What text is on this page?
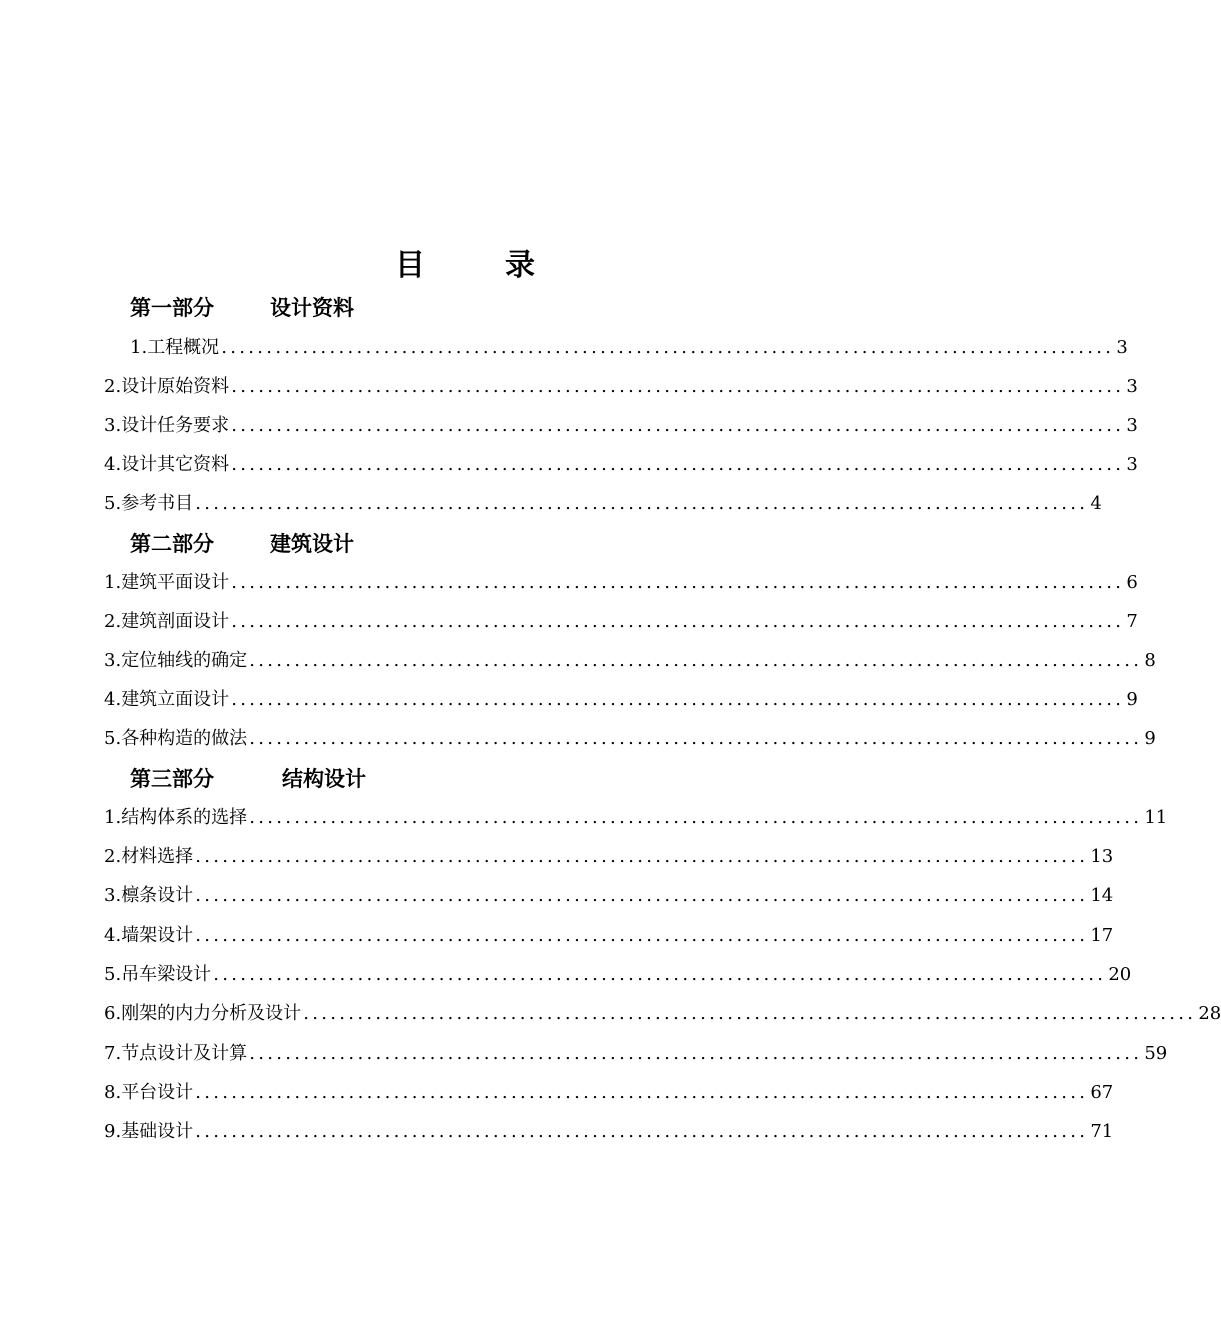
目	录
第一部分	设计资料
1. 工程概况 ................................................................................................... 3
2. 设计原始资料 ................................................................................................... 3
3. 设计任务要求 ................................................................................................... 3
4. 设计其它资料 ................................................................................................... 3
5. 参考书目 ................................................................................................... 4
第二部分	建筑设计
1. 建筑平面设计 ................................................................................................... 6
2. 建筑剖面设计 ................................................................................................... 7
3. 定位轴线的确定 ................................................................................................... 8
4. 建筑立面设计 ................................................................................................... 9
5. 各种构造的做法 ................................................................................................... 9
第三部分	结构设计
1. 结构体系的选择 ................................................................................................... 11
2. 材料选择 ................................................................................................... 13
3. 檩条设计 ................................................................................................... 14
4. 墙架设计 ................................................................................................... 17
5. 吊车梁设计 ................................................................................................... 20
6. 刚架的内力分析及设计 ................................................................................................... 28
7. 节点设计及计算 ................................................................................................... 59
8. 平台设计 ................................................................................................... 67
9. 基础设计 ................................................................................................... 71
